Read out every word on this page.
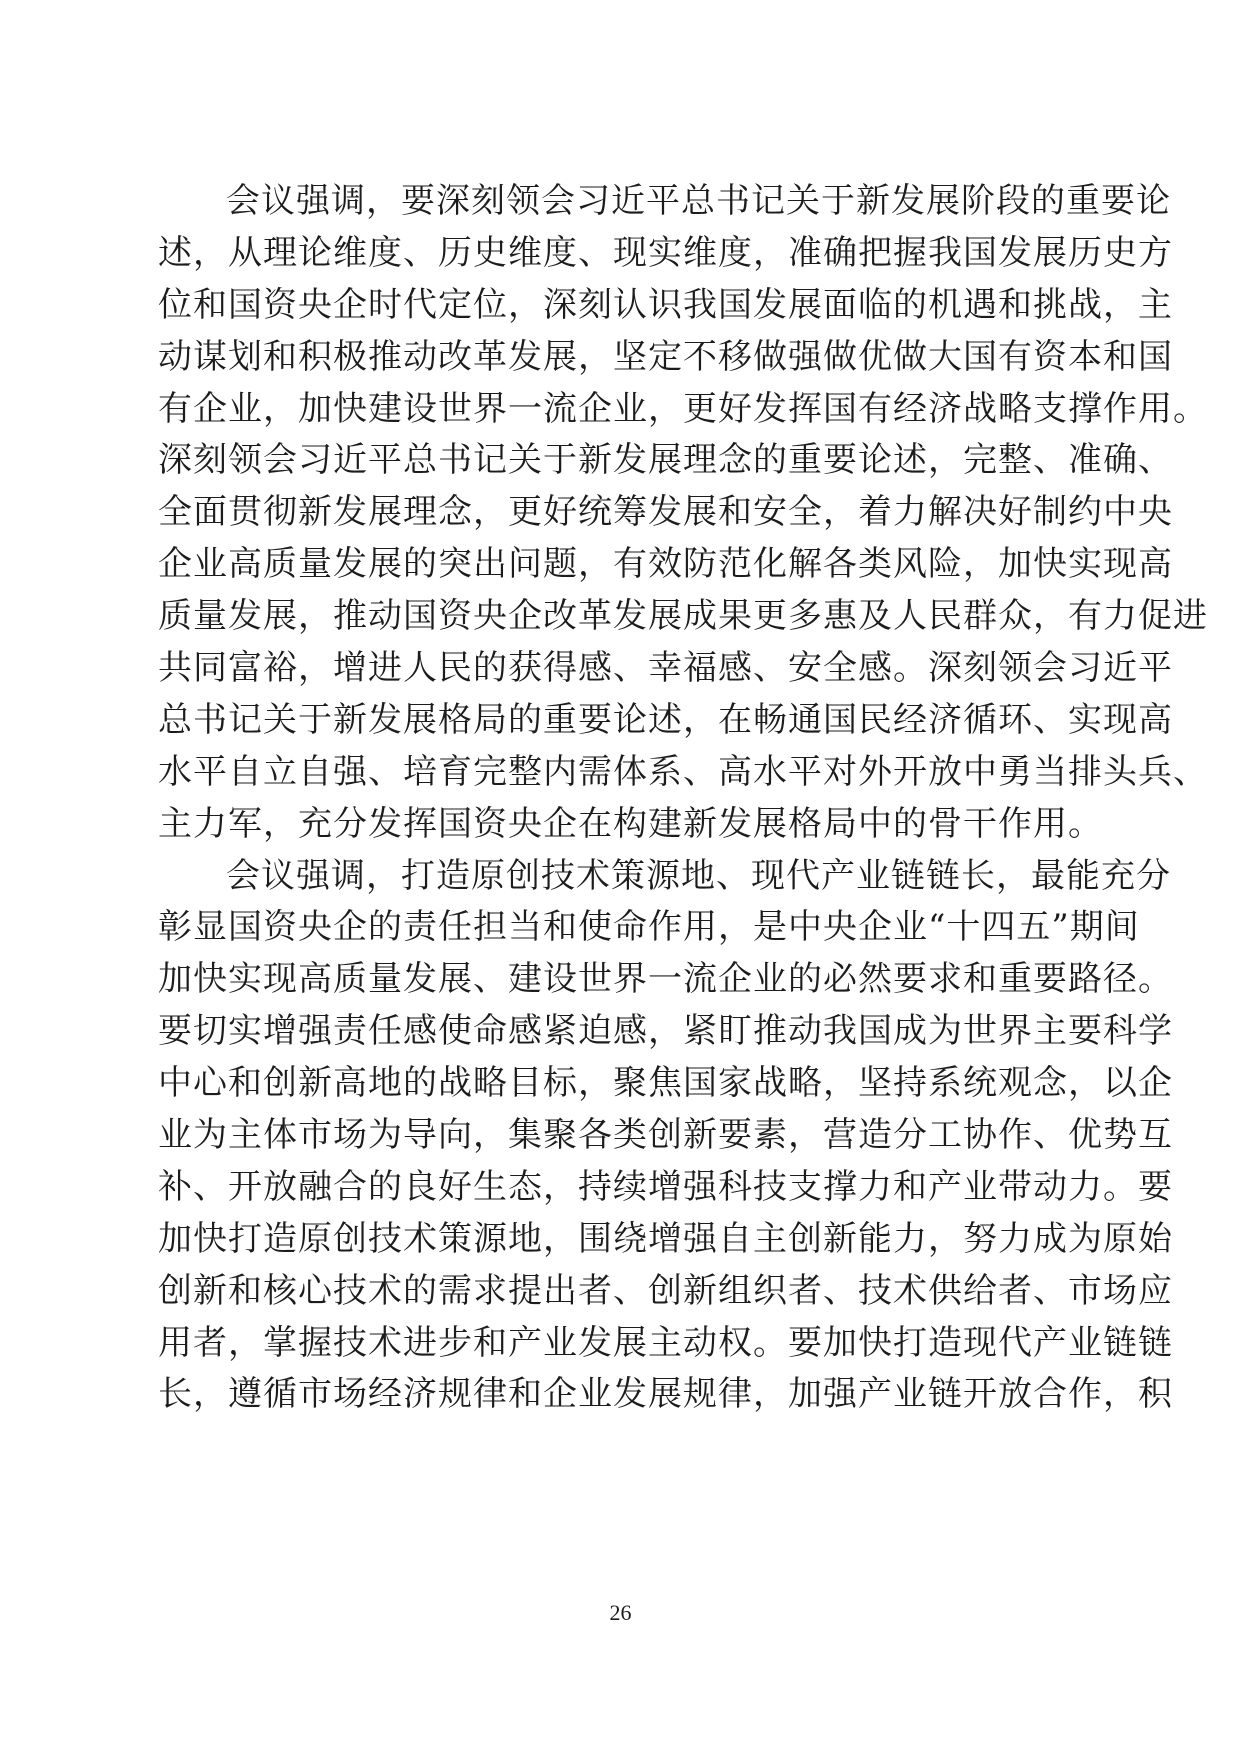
会议强调，要深刻领会习近平总书记关于新发展阶段的重要论
述，从理论维度、历史维度、现实维度，准确把握我国发展历史方
位和国资央企时代定位，深刻认识我国发展面临的机遇和挑战，主
动谋划和积极推动改革发展，坚定不移做强做优做大国有资本和国
有企业，加快建设世界一流企业，更好发挥国有经济战略支撑作用。
深刻领会习近平总书记关于新发展理念的重要论述，完整、准确、
全面贯彻新发展理念，更好统筹发展和安全，着力解决好制约中央
企业高质量发展的突出问题，有效防范化解各类风险，加快实现高
质量发展，推动国资央企改革发展成果更多惠及人民群众，有力促进
共同富裕，增进人民的获得感、幸福感、安全感。深刻领会习近平
总书记关于新发展格局的重要论述，在畅通国民经济循环、实现高
水平自立自强、培育完整内需体系、高水平对外开放中勇当排头兵、
主力军，充分发挥国资央企在构建新发展格局中的骨干作用。
会议强调，打造原创技术策源地、现代产业链链长，最能充分
彰显国资央企的责任担当和使命作用，是中央企业“十四五”期间
加快实现高质量发展、建设世界一流企业的必然要求和重要路径。
要切实增强责任感使命感紧迫感，紧盯推动我国成为世界主要科学
中心和创新高地的战略目标，聚焦国家战略，坚持系统观念，以企
业为主体市场为导向，集聚各类创新要素，营造分工协作、优势互
补、开放融合的良好生态，持续增强科技支撑力和产业带动力。要
加快打造原创技术策源地，围绕增强自主创新能力，努力成为原始
创新和核心技术的需求提出者、创新组织者、技术供给者、市场应
用者，掌握技术进步和产业发展主动权。要加快打造现代产业链链
长，遵循市场经济规律和企业发展规律，加强产业链开放合作，积
26
